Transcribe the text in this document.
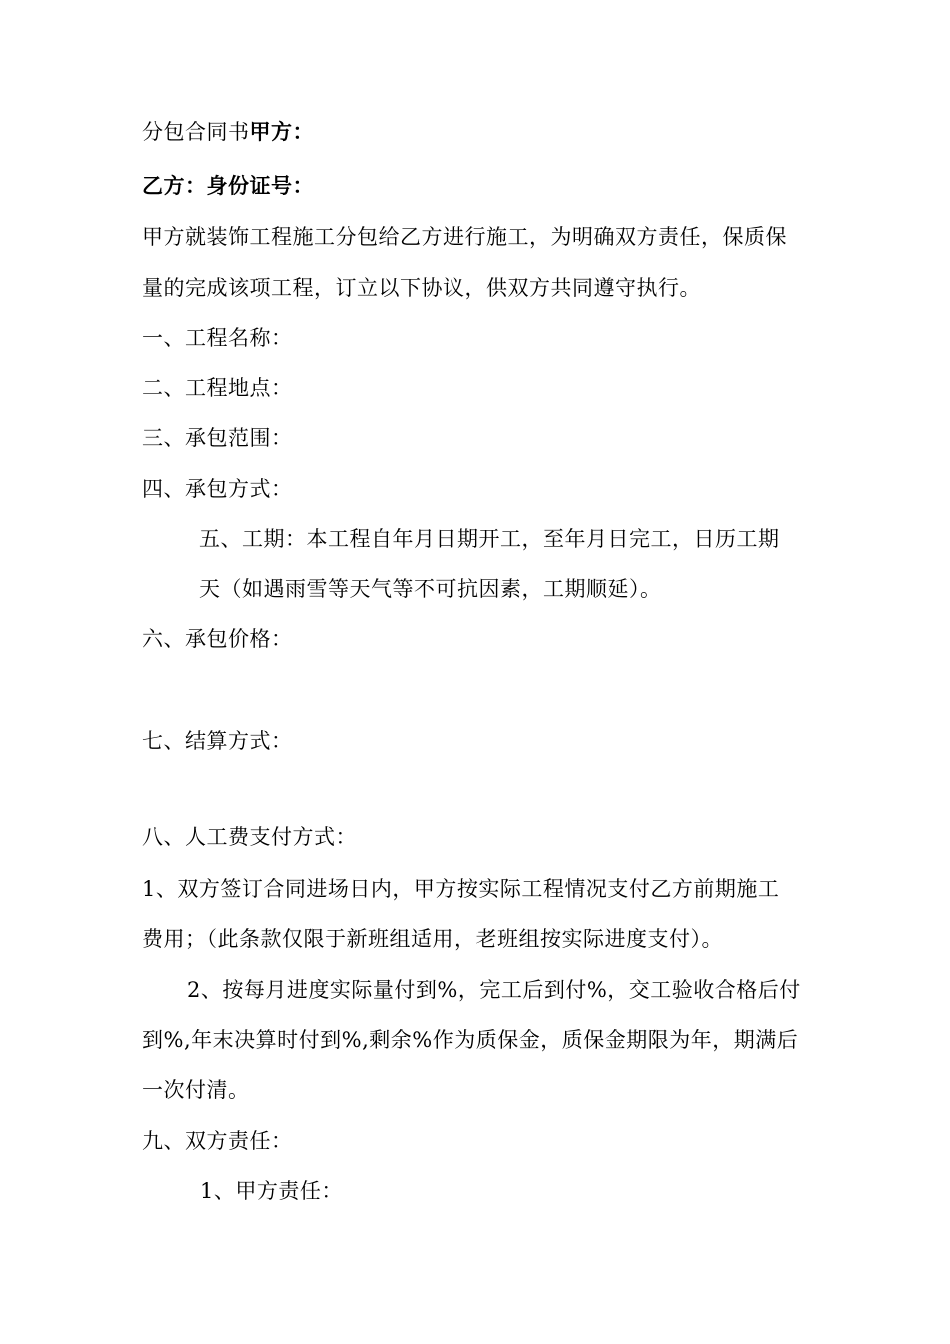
分包合同书甲方：
乙方：身份证号：
甲方就装饰工程施工分包给乙方进行施工，为明确双方责任，保质保
量的完成该项工程，订立以下协议，供双方共同遵守执行。
一、工程名称：
二、工程地点：
三、承包范围：
四、承包方式：
五、工期：本工程自年月日期开工，至年月日完工，日历工期
天（如遇雨雪等天气等不可抗因素，工期顺延）。
六、承包价格：
七、结算方式：
八、人工费支付方式：
1、双方签订合同进场日内，甲方按实际工程情况支付乙方前期施工
费用；（此条款仅限于新班组适用，老班组按实际进度支付）。
2、按每月进度实际量付到%，完工后到付%，交工验收合格后付
到%,年末决算时付到%,剩余%作为质保金，质保金期限为年，期满后
一次付清。
九、双方责任：
1、甲方责任：
